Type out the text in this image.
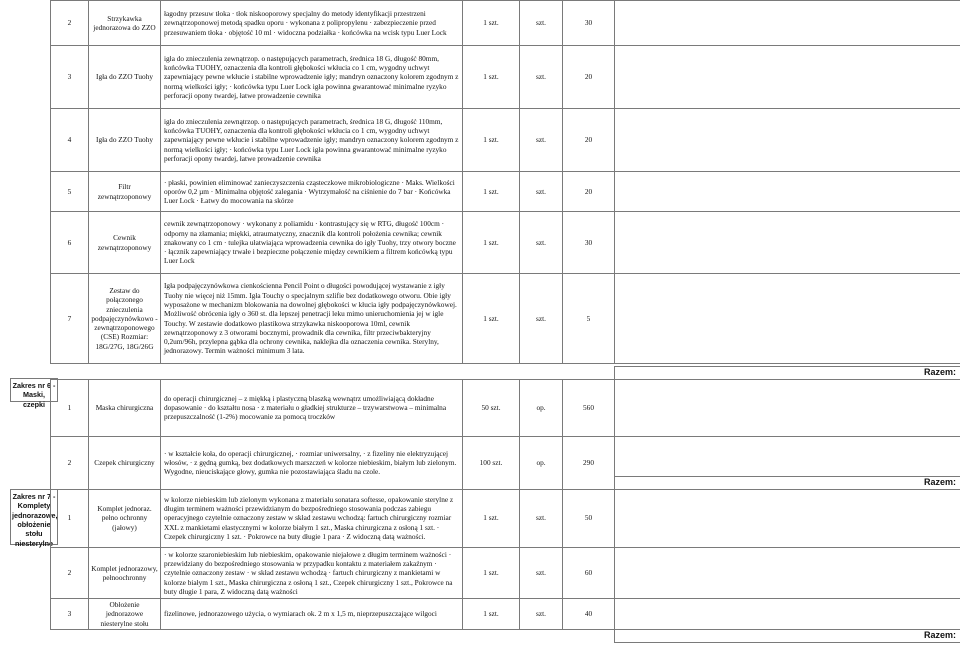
2	Strzykawka jednorazowa do ZZO	łagodny przesuw tłoka · tłok niskooporowy specjalny do metody identyfikacji przestrzeni zewnątrzoponowej metodą spadku oporu · wykonana z polipropylenu · zabezpieczenie przed przesuwaniem tłoka · objętość 10 ml · widoczna podziałka · końcówka na wcisk typu Luer Lock	1 szt.	szt.	30	
3	Igła do ZZO Tuohy	igła do znieczulenia zewnątrzop. o następujących parametrach, średnica 18 G, długość 80mm, końcówka TUOHY, oznaczenia dla kontroli głębokości wkłucia co 1 cm, wygodny uchwyt zapewniający pewne wkłucie i stabilne wprowadzenie igły; mandryn oznaczony kolorem zgodnym z normą wielkości igły; · końcówka typu Luer Lock igła powinna gwarantować minimalne ryzyko perforacji opony twardej, łatwe prowadzenie cewnika	1 szt.	szt.	20	
4	Igła do ZZO Tuohy	igła do znieczulenia zewnątrzop. o następujących parametrach, średnica 18 G, długość 110mm, końcówka TUOHY, oznaczenia dla kontroli głębokości wkłucia co 1 cm, wygodny uchwyt zapewniający pewne wkłucie i stabilne wprowadzenie igły; mandryn oznaczony kolorem zgodnym z normą wielkości igły; · końcówka typu Luer Lock igła powinna gwarantować minimalne ryzyko perforacji opony twardej, łatwe prowadzenie cewnika	1 szt.	szt.	20	
5	Filtr zewnątrzoponowy	· płaski, powinien eliminować zanieczyszczenia cząsteczkowe mikrobiologiczne · Maks. Wielkości oporów 0,2 µm · Minimalna objętość zalegania · Wytrzymałość na ciśnienie do 7 bar · Końcówka Luer Lock · Łatwy do mocowania na skórze	1 szt.	szt.	20	
6	Cewnik zewnątrzoponowy	cewnik zewnątrzoponowy · wykonany z poliamidu · kontrastujący się w RTG, długość 100cm · odporny na złamania; miękki, atraumatyczny, znacznik dla kontroli położenia cewnika; cewnik znakowany co 1 cm · tulejka ułatwiająca wprowadzenia cewnika do igły Tuohy, trzy otwory boczne · łącznik zapewniający trwałe i bezpieczne połączenie między cewnikiem a filtrem końcówką typu Luer Lock	1 szt.	szt.	30	
7	Zestaw do połączonego znieczulenia podpajęczynówkowo - zewnątrzoponowego (CSE) Rozmiar: 18G/27G, 18G/26G	Igła podpajęczynówkowa cienkościenna Pencil Point o długości powodującej wystawanie z igły Tuohy nie więcej niż 15mm. Igła Touchy o specjalnym szlifie bez dodatkowego otworu. Obie igły wyposażone w mechanizm blokowania na dowolnej głębokości w kłucia igły podpajęczynówkowej. Możliwość obrócenia igły o 360 st. dla lepszej penetracji leku mimo unieruchomienia jej w igle Touchy. W zestawie dodatkowo plastikowa strzykawka niskooporowa 10ml, cewnik zewnątrzoponowy z 3 otworami bocznymi, prowadnik dla cewnika, filtr przeciwbakteryjny 0,2um/96h, przylepna gąbka dla ochrony cewnika, naklejka dla oznaczenia cewnika. Sterylny, jednorazowy. Termin ważności minimum 3 lata.	1 szt.	szt.	5	
Zakres nr 6 - Maski, czepki
Zakres nr 7 - Komplety jednorazowe, obłożenie stołu niesterylne
						Razem:
1	Maska chirurgiczna	do operacji chirurgicznej – z miękką i plastyczną blaszką wewnątrz umożliwiającą dokładne dopasowanie · do kształtu nosa · z materiału o gładkiej strukturze – trzywarstwowa – minimalna przepuszczalność (1-2%) mocowanie za pomocą troczków	50 szt.	op.	560	
2	Czepek chirurgiczny	· w kształcie koła, do operacji chirurgicznej, · rozmiar uniwersalny, · z fizeliny nie elektryzującej włosów, · z gędną gumką, bez dodatkowych marszczeń w kolorze niebieskim, białym lub zielonym. Wygodne, nieuciskające głowy, gumka nie pozostawiająca śladu na czole.	100 szt.	op.	290	
						Razem:
1	Komplet jednoraz. pełno ochronny (jałowy)	w kolorze niebieskim lub zielonym wykonana z materiału sonatara softesse, opakowanie sterylne z długim terminem ważności przewidzianym do bezpośredniego stosowania podczas zabiegu operacyjnego czytelnie oznaczony zestaw w skład zestawu wchodzą: fartuch chirurgiczny rozmiar XXL z mankietami elastycznymi w kolorze białym 1 szt., Maska chirurgiczna z osłoną 1 szt. · Czepek chirurgiczny 1 szt. · Pokrowce na buty długie 1 para · Z widoczną datą ważności.	1 szt.	szt.	50	
2	Komplet jednorazowy, pełnoochronny	· w kolorze szaroniebieskim lub niebieskim, opakowanie niejałowe z długim terminem ważności · przewidziany do bezpośredniego stosowania w przypadku kontaktu z materiałem zakaźnym · czytelnie oznaczony zestaw · w skład zestawu wchodzą · fartuch chirurgiczny z mankietami w kolorze białym 1 szt., Maska chirurgiczna z osłoną 1 szt., Czepek chirurgiczny 1 szt., Pokrowce na buty długie 1 para, Z widoczną datą ważności	1 szt.	szt.	60	
3	Obłożenie jednorazowe niesterylne stołu	fizelinowe, jednorazowego użycia, o wymiarach ok. 2 m x 1,5 m, nieprzepuszczające wilgoci	1 szt.	szt.	40	
						Razem:
